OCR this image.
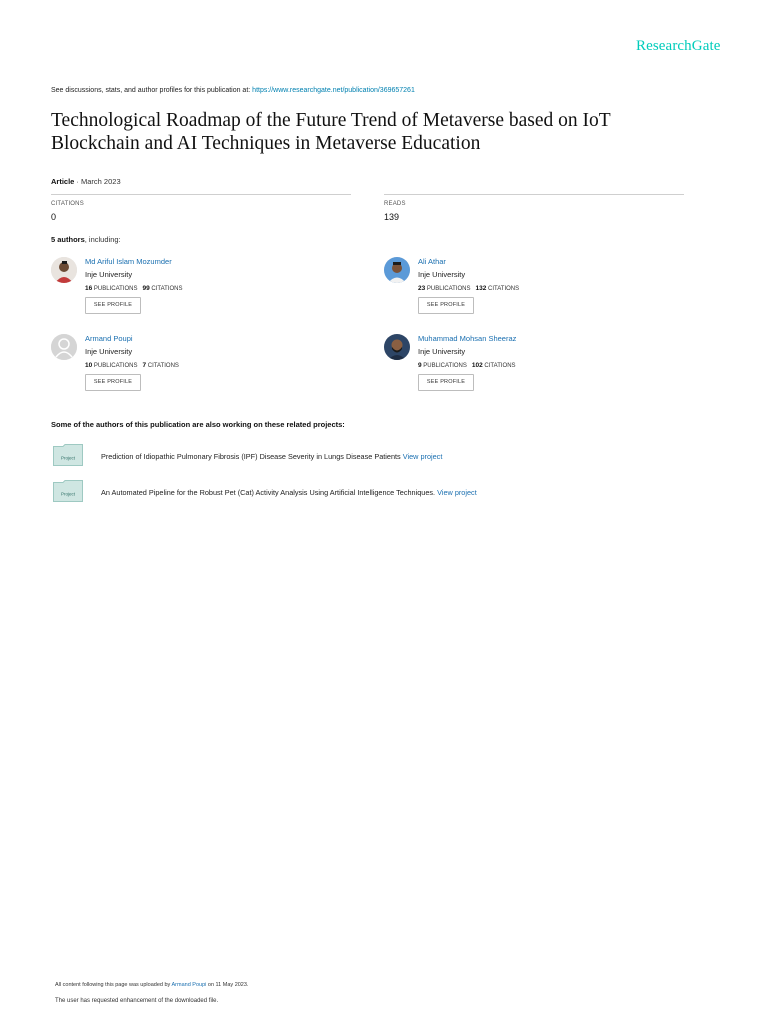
ResearchGate
See discussions, stats, and author profiles for this publication at: https://www.researchgate.net/publication/369657261
Technological Roadmap of the Future Trend of Metaverse based on IoT Blockchain and AI Techniques in Metaverse Education
Article · March 2023
CITATIONS
0
READS
139
5 authors, including:
Md Ariful Islam Mozumder
Inje University
16 PUBLICATIONS 99 CITATIONS
SEE PROFILE
Ali Athar
Inje University
23 PUBLICATIONS 132 CITATIONS
SEE PROFILE
Armand Poupi
Inje University
10 PUBLICATIONS 7 CITATIONS
SEE PROFILE
Muhammad Mohsan Sheeraz
Inje University
9 PUBLICATIONS 102 CITATIONS
SEE PROFILE
Some of the authors of this publication are also working on these related projects:
Project	Prediction of Idiopathic Pulmonary Fibrosis (IPF) Disease Severity in Lungs Disease Patients View project
Project	An Automated Pipeline for the Robust Pet (Cat) Activity Analysis Using Artificial Intelligence Techniques. View project
All content following this page was uploaded by Armand Poupi on 11 May 2023.
The user has requested enhancement of the downloaded file.
